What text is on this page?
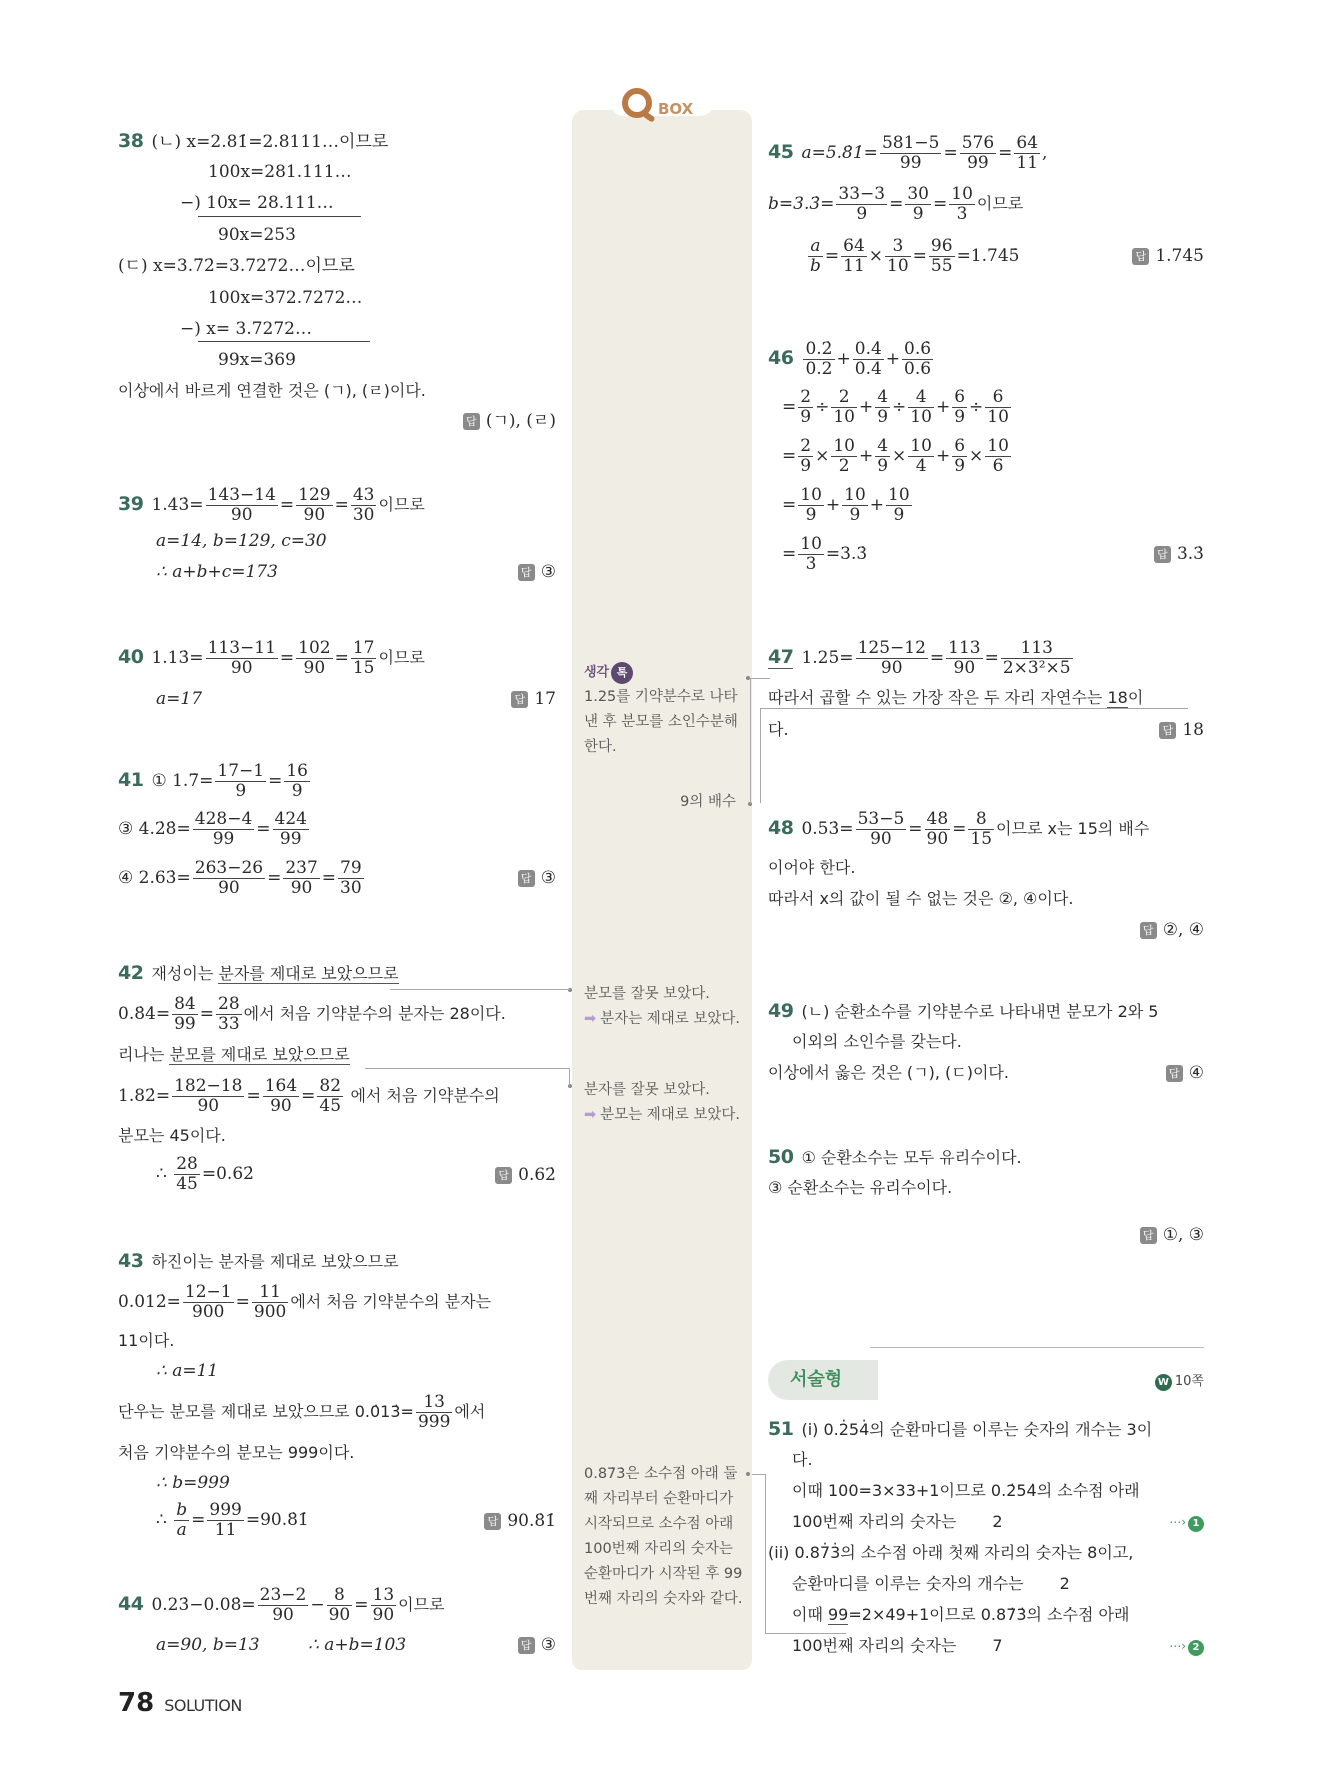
BOX
생각 톡
1.25̇를 기약분수로 나타낸 후 분모를 소인수분해 한다.
9의 배수
분모를 잘못 보았다.
➡ 분자는 제대로 보았다.
분자를 잘못 보았다.
➡ 분모는 제대로 보았다.
0.87̇3̇은 소수점 아래 둘째 자리부터 순환마디가 시작되므로 소수점 아래 100번째 자리의 숫자는 순환마디가 시작된 후 99번째 자리의 숫자와 같다.
38 (ㄴ) x=2.81̇=2.8111…이므로
100x=281.111…
−) 10x= 28.111…
90x=253
(ㄷ) x=3.7̇2̇=3.7272…이므로
100x=372.7272…
−) x= 3.7272…
99x=369
이상에서 바르게 연결한 것은 (ㄱ), (ㄹ)이다.
답 (ㄱ), (ㄹ)
39 1.43̇= $\frac{143-14}{90} = \frac{129}{90} = \frac{43}{30}$ 이므로
a=14, b=129, c=30
∴ a+b+c=173	답 ③
40 1.13̇= $\frac{113-11}{90} = \frac{102}{90} = \frac{17}{15}$ 이므로
a=17	답 17
41 ① 1.7̇= $\frac{17-1}{9} = \frac{16}{9}$
③ 4.2̇8̇= $\frac{428-4}{99} = \frac{424}{99}$
④ 2.63̇= $\frac{263-26}{90} = \frac{237}{90} = \frac{79}{30}$	답 ③
42 재성이는 분자를 제대로 보았으므로
0.8̇4̇= $\frac{84}{99} = \frac{28}{33}$ 에서 처음 기약분수의 분자는 28이다.
리나는 분모를 제대로 보았으므로
1.82̇= $\frac{182-18}{90} = \frac{164}{90} = \frac{82}{45}$ 에서 처음 기약분수의
분모는 45이다.
∴ $\frac{28}{45}$ =0.62̇	답 0.62̇
43 하진이는 분자를 제대로 보았으므로
0.012̇= $\frac{12-1}{900} = \frac{11}{900}$ 에서 처음 기약분수의 분자는
11이다.
∴ a=11
단우는 분모를 제대로 보았으므로 0.0̇13̇= $\frac{13}{999}$ 에서
처음 기약분수의 분모는 999이다.
∴ b=999
∴ $\frac{b}{a} = \frac{999}{11}$ =90.8̇1̇	답 90.8̇1̇
44 0.23̇−0.08̇= $\frac{23-2}{90} - \frac{8}{90} = \frac{13}{90}$ 이므로
a=90, b=13	∴ a+b=103	답 ③
45 a=5.8̇1̇= $\frac{581-5}{99} = \frac{576}{99} = \frac{64}{11}$ ,
b=3.3̇= $\frac{33-3}{9} = \frac{30}{9} = \frac{10}{3}$ 이므로
$\frac{a}{b} = \frac{64}{11} \times \frac{3}{10} = \frac{96}{55}$ =1.74̇5̇	답 1.74̇5̇
$46 \frac{0.2̇}{0.2} + \frac{0.4̇}{0.4} + \frac{0.6̇}{0.6}$
= $\frac{2}{9} \div \frac{2}{10} + \frac{4}{9} \div \frac{4}{10} + \frac{6}{9} \div \frac{6}{10}$
= $\frac{2}{9} \times \frac{10}{2} + \frac{4}{9} \times \frac{10}{4} + \frac{6}{9} \times \frac{10}{6}$
= $\frac{10}{9} + \frac{10}{9} + \frac{10}{9}$
= $\frac{10}{3}$ =3.3̇	답 3.3̇
47 1.25̇= $\frac{125-12}{90} = \frac{113}{90} = \frac{113}{\text{2×3²×5}}$
따라서 곱할 수 있는 가장 작은 두 자리 자연수는 18이
다.	답 18
48 0.53̇= $\frac{53-5}{90} = \frac{48}{90} = \frac{8}{15}$ 이므로 x는 15의 배수
이어야 한다.
따라서 x의 값이 될 수 없는 것은 ②, ④이다.
답 ②, ④
49 (ㄴ) 순환소수를 기약분수로 나타내면 분모가 2와 5
이외의 소인수를 갖는다.
이상에서 옳은 것은 (ㄱ), (ㄷ)이다.	답 ④
50 ① 순환소수는 모두 유리수이다.
③ 순환소수는 유리수이다.
답 ①, ③
서술형	W 10쪽
51 (i) 0.2̇54̇의 순환마디를 이루는 숫자의 개수는 3이
다.
이때 100=3×33+1이므로 0.2̇54̇의 소수점 아래
100번째 자리의 숫자는 2	⋯› 1
(ii) 0.87̇3̇의 소수점 아래 첫째 자리의 숫자는 8이고,
순환마디를 이루는 숫자의 개수는 2
이때 99=2×49+1이므로 0.87̇3̇의 소수점 아래
100번째 자리의 숫자는 7	⋯› 2
78 SOLUTION
